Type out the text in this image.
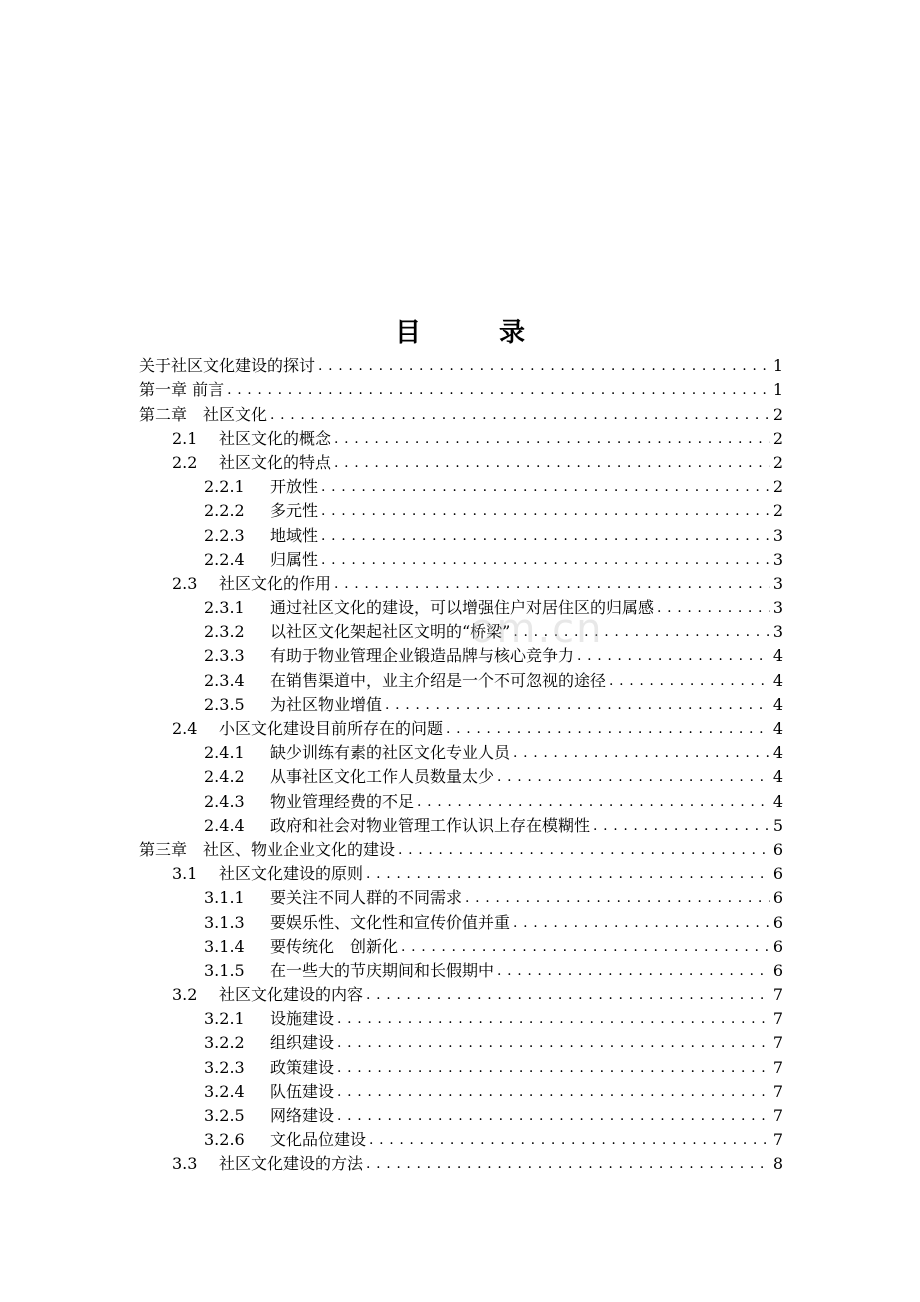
目　录
关于社区文化建设的探讨 . . .	1
第一章 前言 . . .	1
第二章　社区文化 . . .	2
2.1	社区文化的概念 . . .	2
2.2	社区文化的特点 . . .	2
2.2.1	开放性 . . .	2
2.2.2	多元性 . . .	2
2.2.3	地域性 . . .	3
2.2.4	归属性 . . .	3
2.3	社区文化的作用 . . .	3
2.3.1	通过社区文化的建设，可以增强住户对居住区的归属感 . . .	3
2.3.2	以社区文化架起社区文明的“桥梁” . . .	3
2.3.3	有助于物业管理企业锻造品牌与核心竞争力 . . .	4
2.3.4	在销售渠道中，业主介绍是一个不可忽视的途径 . . .	4
2.3.5	为社区物业增值 . . .	4
2.4	小区文化建设目前所存在的问题 . . .	4
2.4.1	缺少训练有素的社区文化专业人员 . . .	4
2.4.2	从事社区文化工作人员数量太少 . . .	4
2.4.3	物业管理经费的不足 . . .	4
2.4.4	政府和社会对物业管理工作认识上存在模糊性 . . .	5
第三章　社区、物业企业文化的建设 . . .	6
3.1	社区文化建设的原则 . . .	6
3.1.1	要关注不同人群的不同需求 . . .	6
3.1.3	要娱乐性、文化性和宣传价值并重 . . .	6
3.1.4	要传统化　创新化 . . .	6
3.1.5	在一些大的节庆期间和长假期中 . . .	6
3.2	社区文化建设的内容 . . .	7
3.2.1	设施建设 . . .	7
3.2.2	组织建设 . . .	7
3.2.3	政策建设 . . .	7
3.2.4	队伍建设 . . .	7
3.2.5	网络建设 . . .	7
3.2.6	文化品位建设 . . .	7
3.3	社区文化建设的方法 . . .	8
om.cn
